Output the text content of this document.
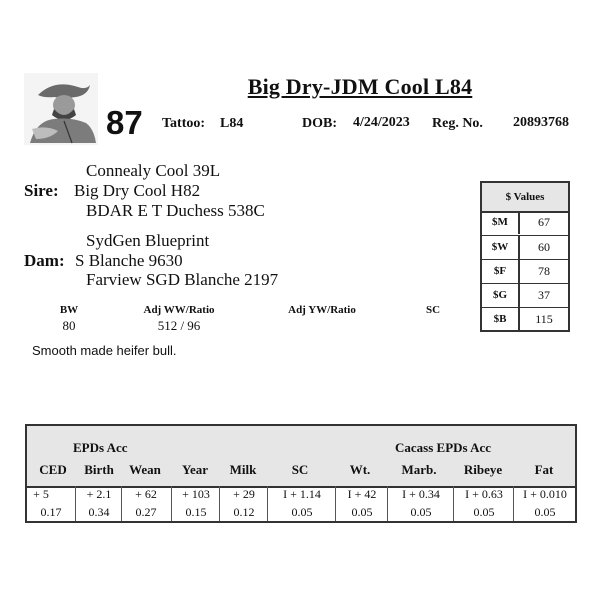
Big Dry-JDM Cool L84
87 Tattoo: L84	DOB: 4/24/2023 Reg. No. 20893768
Connealy Cool 39L
Sire: Big Dry Cool H82
BDAR E T Duchess 538C
SydGen Blueprint
Dam: S Blanche 9630
Farview SGD Blanche 2197
BW	Adj WW/Ratio	Adj YW/Ratio	SC
80	512 / 96
Smooth made heifer bull.
$ Values
$M	67
$W	60
$F	78
$G	37
$B	115
EPDs Acc	Cacass EPDs Acc
CED	Birth	Wean	Year	Milk	SC	Wt.	Marb.	Ribeye	Fat
+ 5	+ 2.1	+ 62	+ 103	+ 29	I + 1.14	I + 42	I + 0.34	I + 0.63	I + 0.010
0.17	0.34	0.27	0.15	0.12	0.05	0.05	0.05	0.05	0.05
